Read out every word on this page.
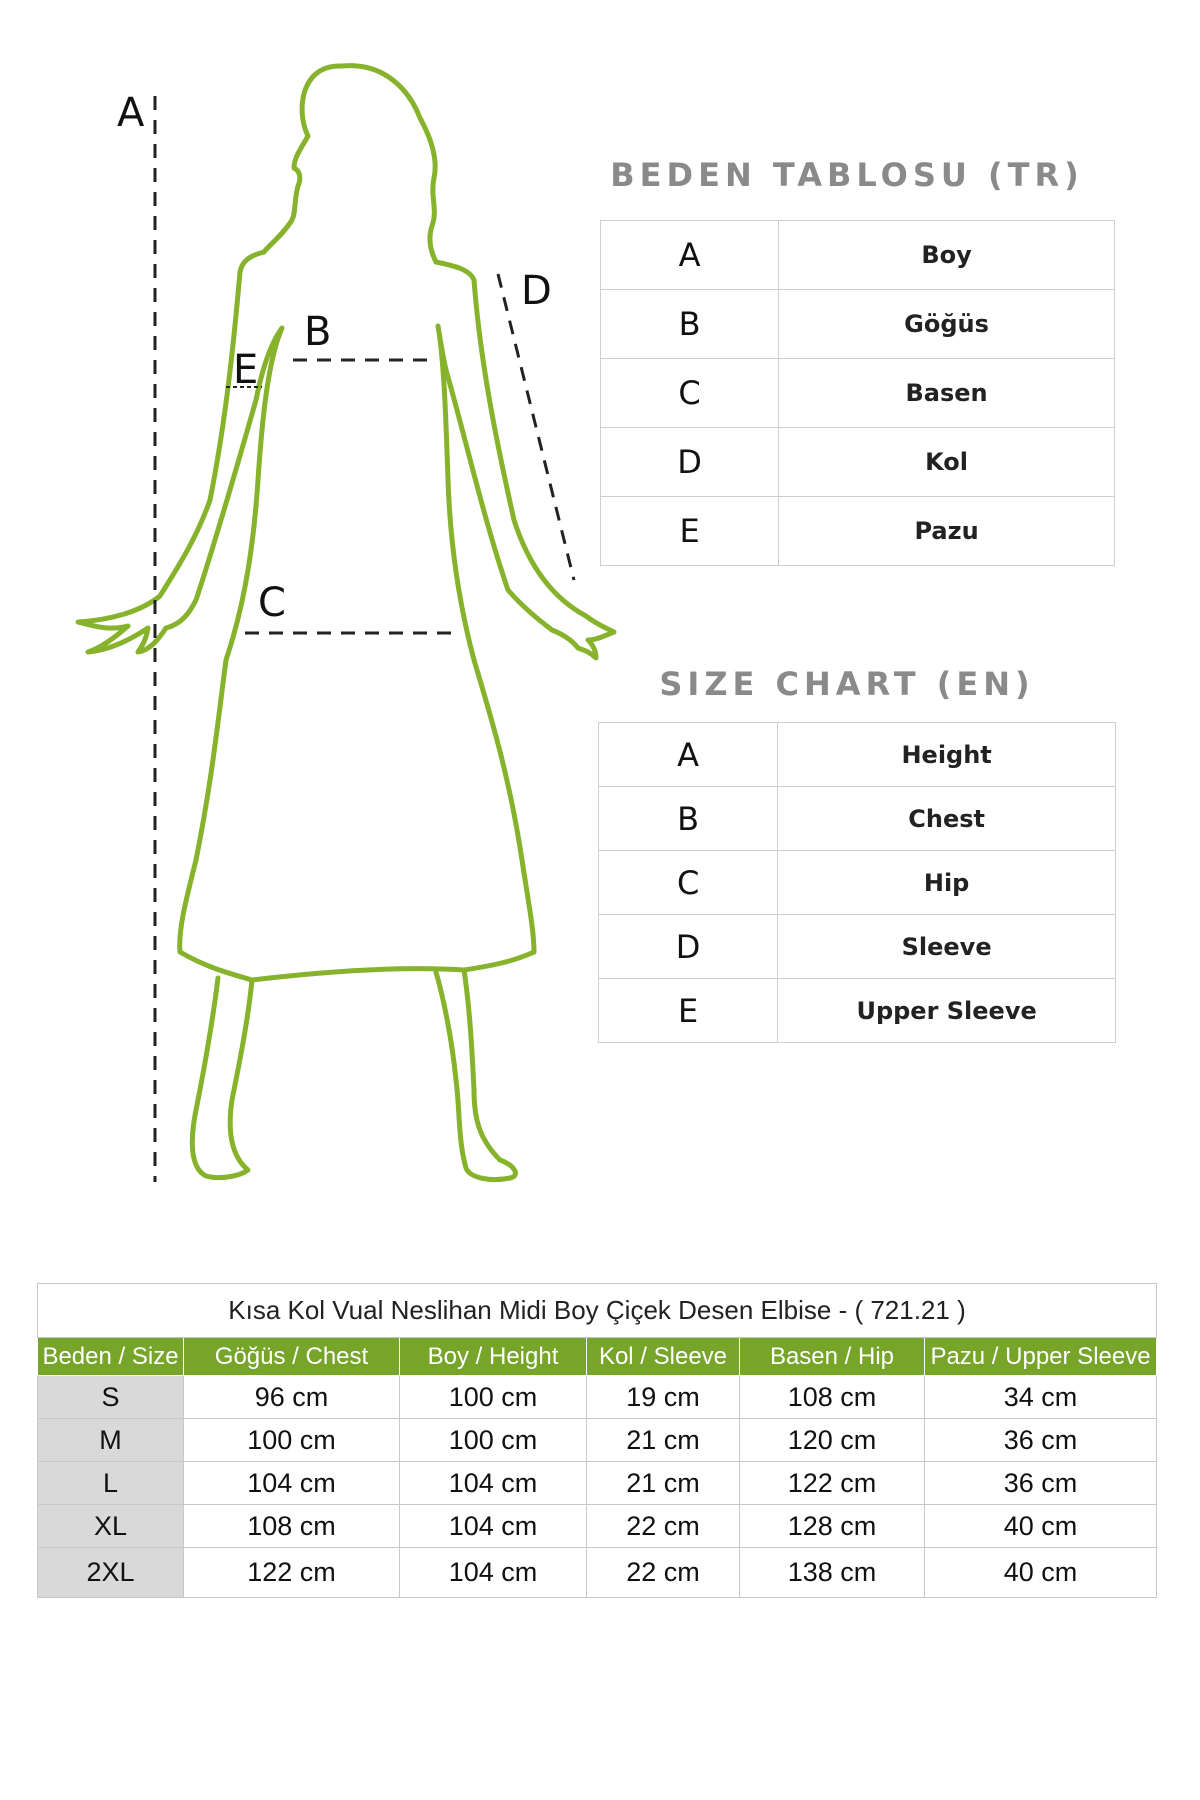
A
B
C
D
E
BEDEN TABLOSU (TR)
A	Boy
B	Göğüs
C	Basen
D	Kol
E	Pazu
SIZE CHART (EN)
A	Height
B	Chest
C	Hip
D	Sleeve
E	Upper Sleeve
Kısa Kol Vual Neslihan Midi Boy Çiçek Desen Elbise - ( 721.21 )					
Beden / Size	Göğüs / Chest	Boy / Height	Kol / Sleeve	Basen / Hip	Pazu / Upper Sleeve
S	96 cm	100 cm	19 cm	108 cm	34 cm
M	100 cm	100 cm	21 cm	120 cm	36 cm
L	104 cm	104 cm	21 cm	122 cm	36 cm
XL	108 cm	104 cm	22 cm	128 cm	40 cm
2XL	122 cm	104 cm	22 cm	138 cm	40 cm
